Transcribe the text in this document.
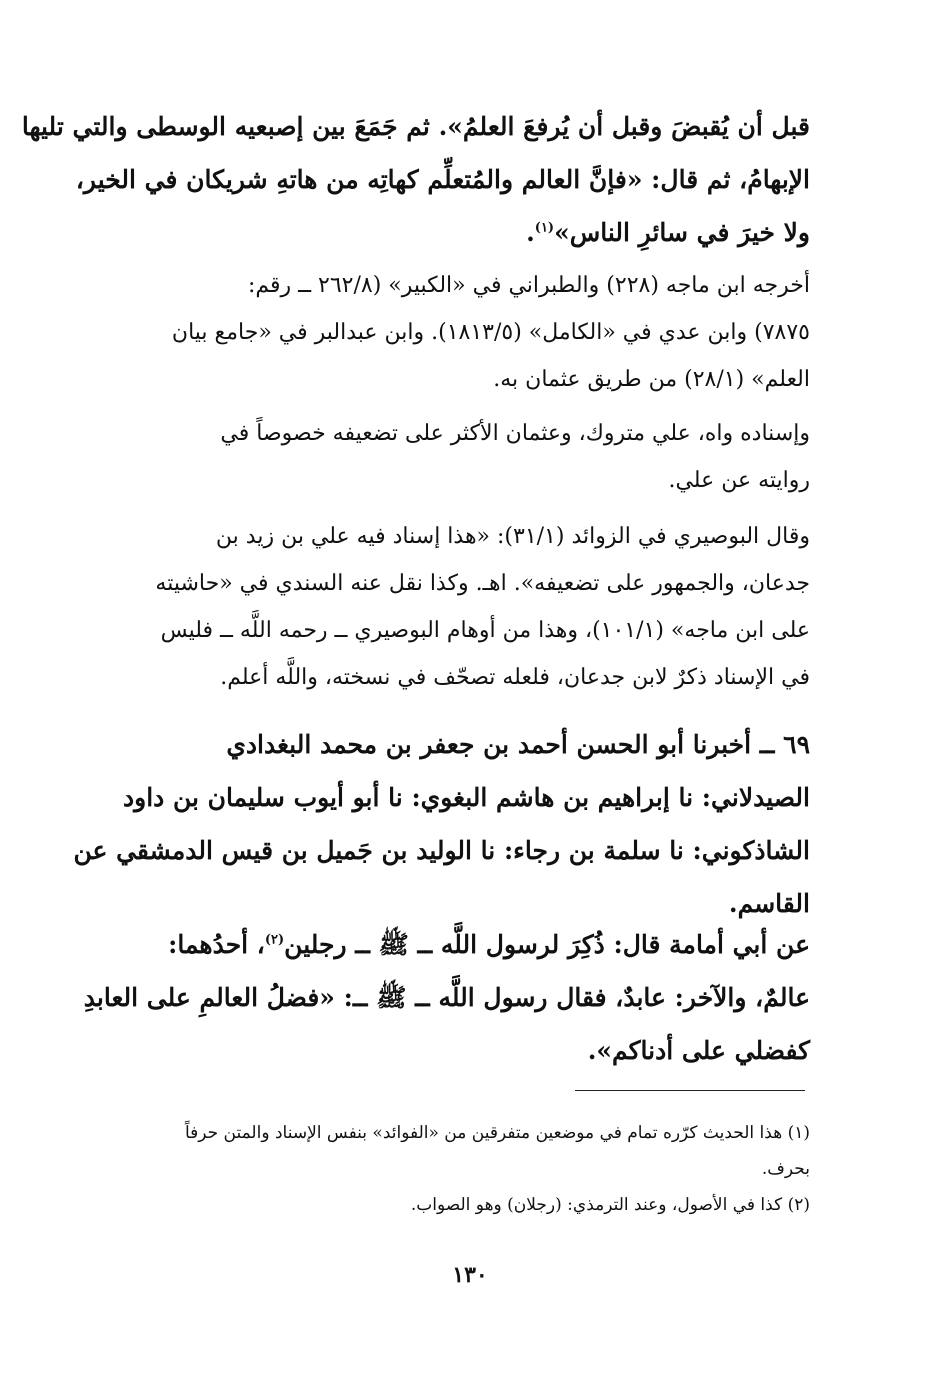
قبل أن يُقبضَ وقبل أن يُرفعَ العلمُ». ثم جَمَعَ بين إصبعيه الوسطى والتي تليها
الإبهامُ، ثم قال: «فإنَّ العالم والمُتعلِّم كهاتِه من هاتهِ شريكان في الخير،
ولا خيرَ في سائرِ الناس»$^{(١)}$.
أخرجه ابن ماجه (٢٢٨) والطبراني في «الكبير» (٢٦٢/٨ ــ رقم:
٧٨٧٥) وابن عدي في «الكامل» (١٨١٣/٥). وابن عبدالبر في «جامع بيان
العلم» (٢٨/١) من طريق عثمان به.
وإسناده واه، علي متروك، وعثمان الأكثر على تضعيفه خصوصاً في
روايته عن علي.
وقال البوصيري في الزوائد (٣١/١): «هذا إسناد فيه علي بن زيد بن
جدعان، والجمهور على تضعيفه». اهـ. وكذا نقل عنه السندي في «حاشيته
على ابن ماجه» (١٠١/١)، وهذا من أوهام البوصيري ــ رحمه اللَّه ــ فليس
في الإسناد ذكرٌ لابن جدعان، فلعله تصحّف في نسخته، واللَّه أعلم.
٦٩ ــ أخبرنا أبو الحسن أحمد بن جعفر بن محمد البغدادي
الصيدلاني: نا إبراهيم بن هاشم البغوي: نا أبو أيوب سليمان بن داود
الشاذكوني: نا سلمة بن رجاء: نا الوليد بن جَميل بن قيس الدمشقي عن
القاسم.
عن أبي أمامة قال: ذُكِرَ لرسول اللَّه ــ ﷺ ــ رجلين$^{(٢)}$، أحدُهما:
عالمٌ، والآخر: عابدٌ، فقال رسول اللَّه ــ ﷺ ــ: «فضلُ العالمِ على العابدِ
كفضلي على أدناكم».
(١) هذا الحديث كرّره تمام في موضعين متفرقين من «الفوائد» بنفس الإسناد والمتن حرفاً
بحرف.
(٢) كذا في الأصول، وعند الترمذي: (رجلان) وهو الصواب.
١٣٠
